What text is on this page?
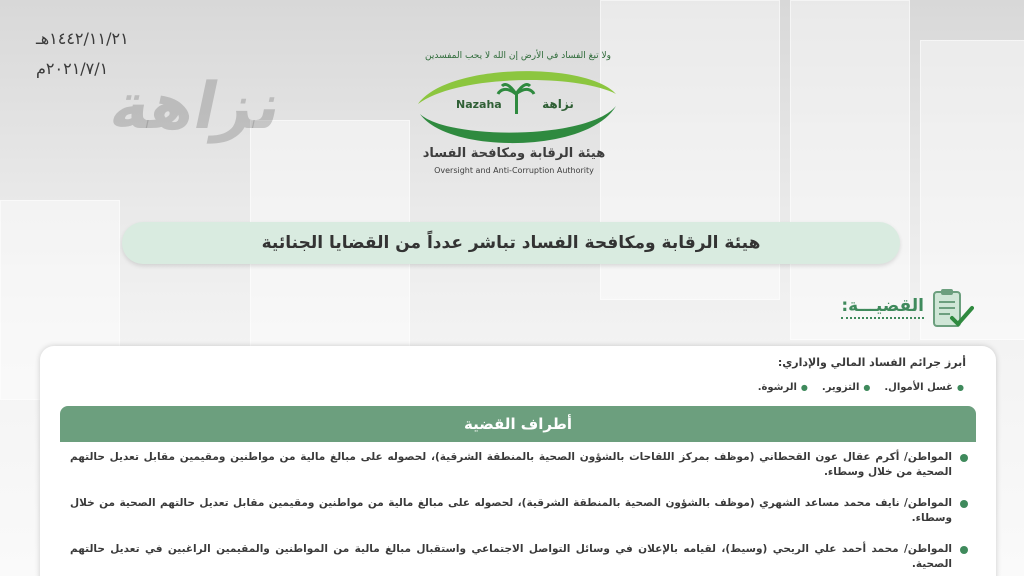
نزاهة
١٤٤٢/١١/٢١هـ
٢٠٢١/٧/١م
ولا تبغ الفساد في الأرض إن الله لا يحب المفسدين
Nazaha	نزاهة
هيئة الرقابة ومكافحة الفساد
Oversight and Anti-Corruption Authority
هيئة الرقابة ومكافحة الفساد تباشر عدداً من القضايا الجنائية
القضيـــة:
أبرز جرائم الفساد المالي والإداري:
● الرشوة.	● التزوير.	● غسل الأموال.
أطراف القضية
المواطن/ أكرم عقال عون القحطاني (موظف بمركز اللقاحات بالشؤون الصحية بالمنطقة الشرقية)، لحصوله على مبالغ مالية من مواطنين ومقيمين مقابل تعديل حالتهم الصحية من خلال وسطاء.
المواطن/ نايف محمد مساعد الشهري (موظف بالشؤون الصحية بالمنطقة الشرقية)، لحصوله على مبالغ مالية من مواطنين ومقيمين مقابل تعديل حالتهم الصحية من خلال وسطاء.
المواطن/ محمد أحمد علي الريحي (وسيط)، لقيامه بالإعلان في وسائل التواصل الاجتماعي واستقبال مبالغ مالية من المواطنين والمقيمين الراغبين في تعديل حالتهم الصحية.
